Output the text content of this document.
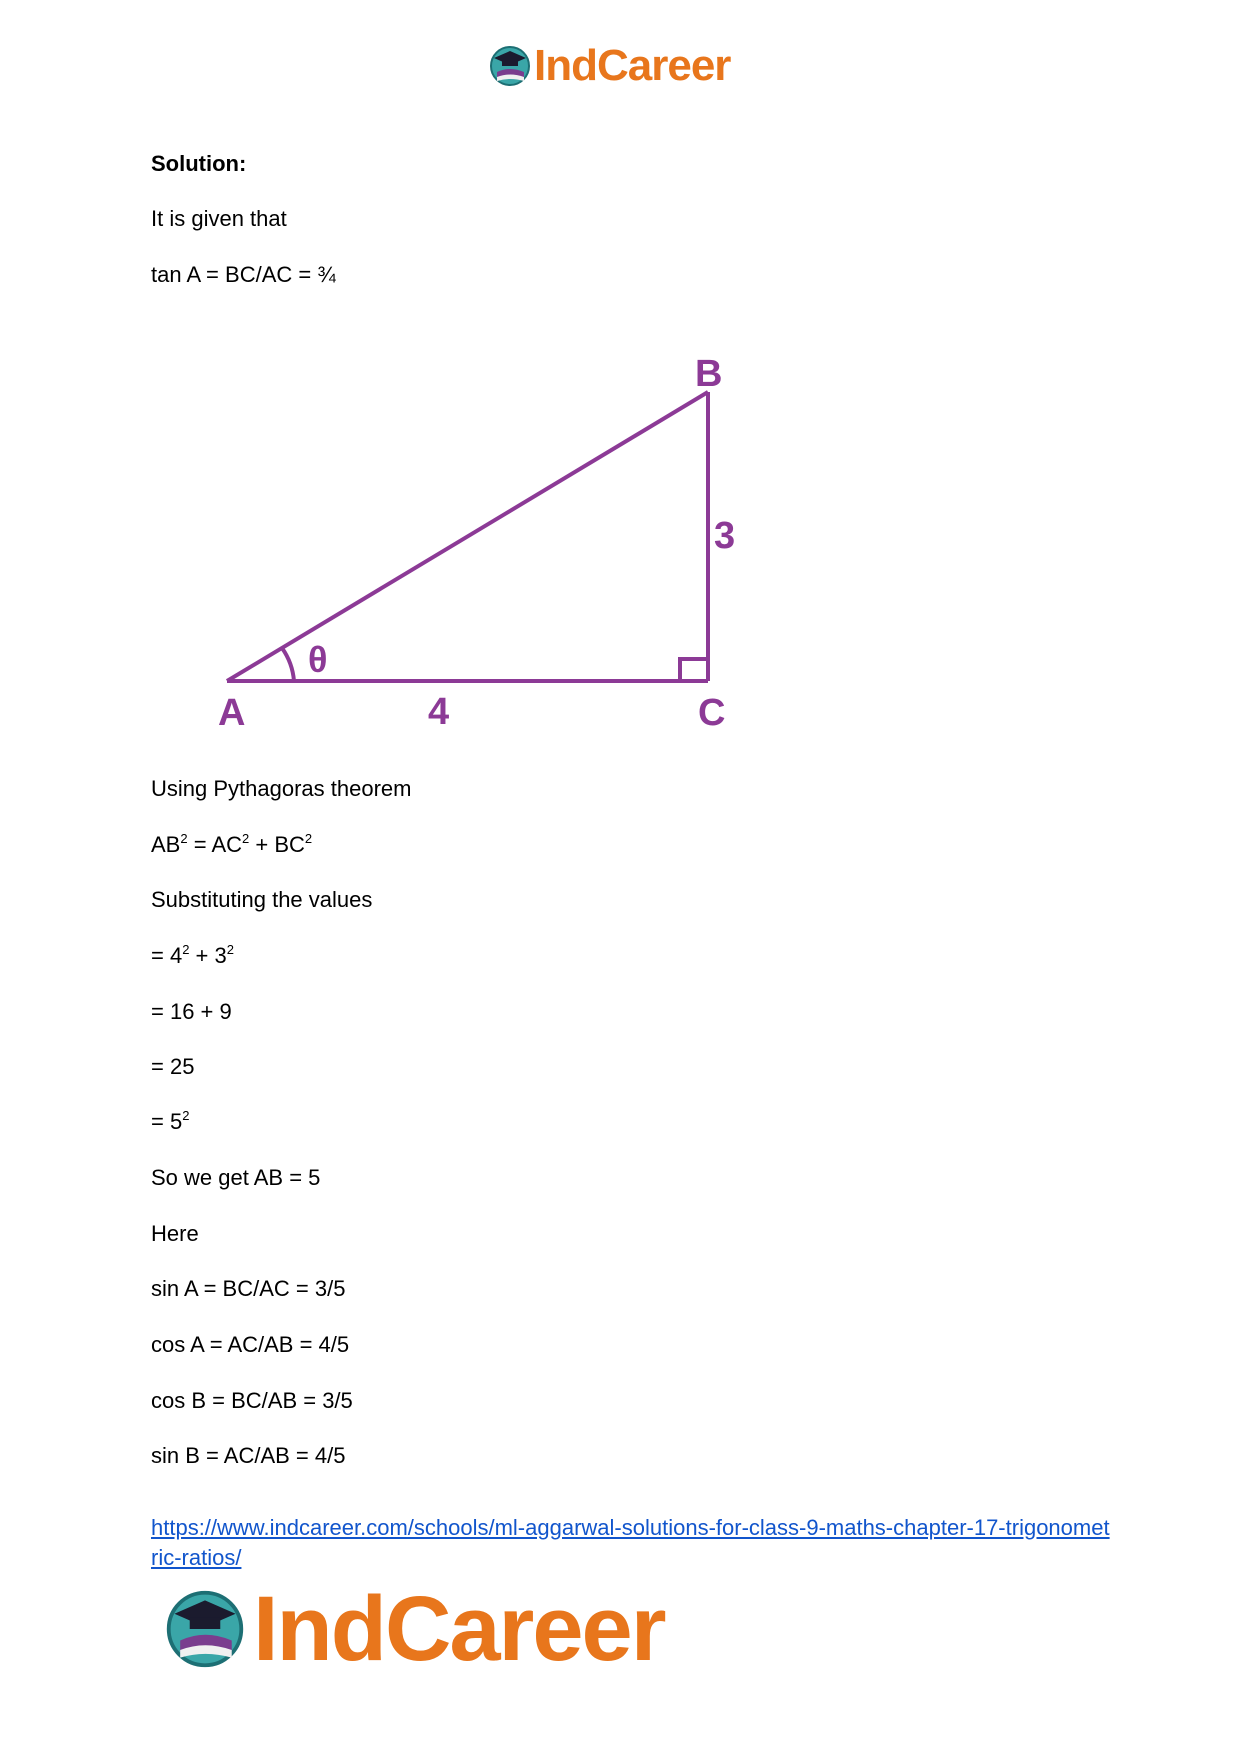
IndCareer
Solution:
It is given that
tan A = BC/AC = ¾
B
3
θ
A	4	C
Using Pythagoras theorem
$AB^2 = AC^2 + BC^2$
Substituting the values
= $4^2 + 3^2$
= 16 + 9
= 25
= $5^2$
So we get AB = 5
Here
sin A = BC/AC = 3/5
cos A = AC/AB = 4/5
cos B = BC/AB = 3/5
sin B = AC/AB = 4/5
https://www.indcareer.com/schools/ml-aggarwal-solutions-for-class-9-maths-chapter-17-trigonometric-ratios/
IndCareer
